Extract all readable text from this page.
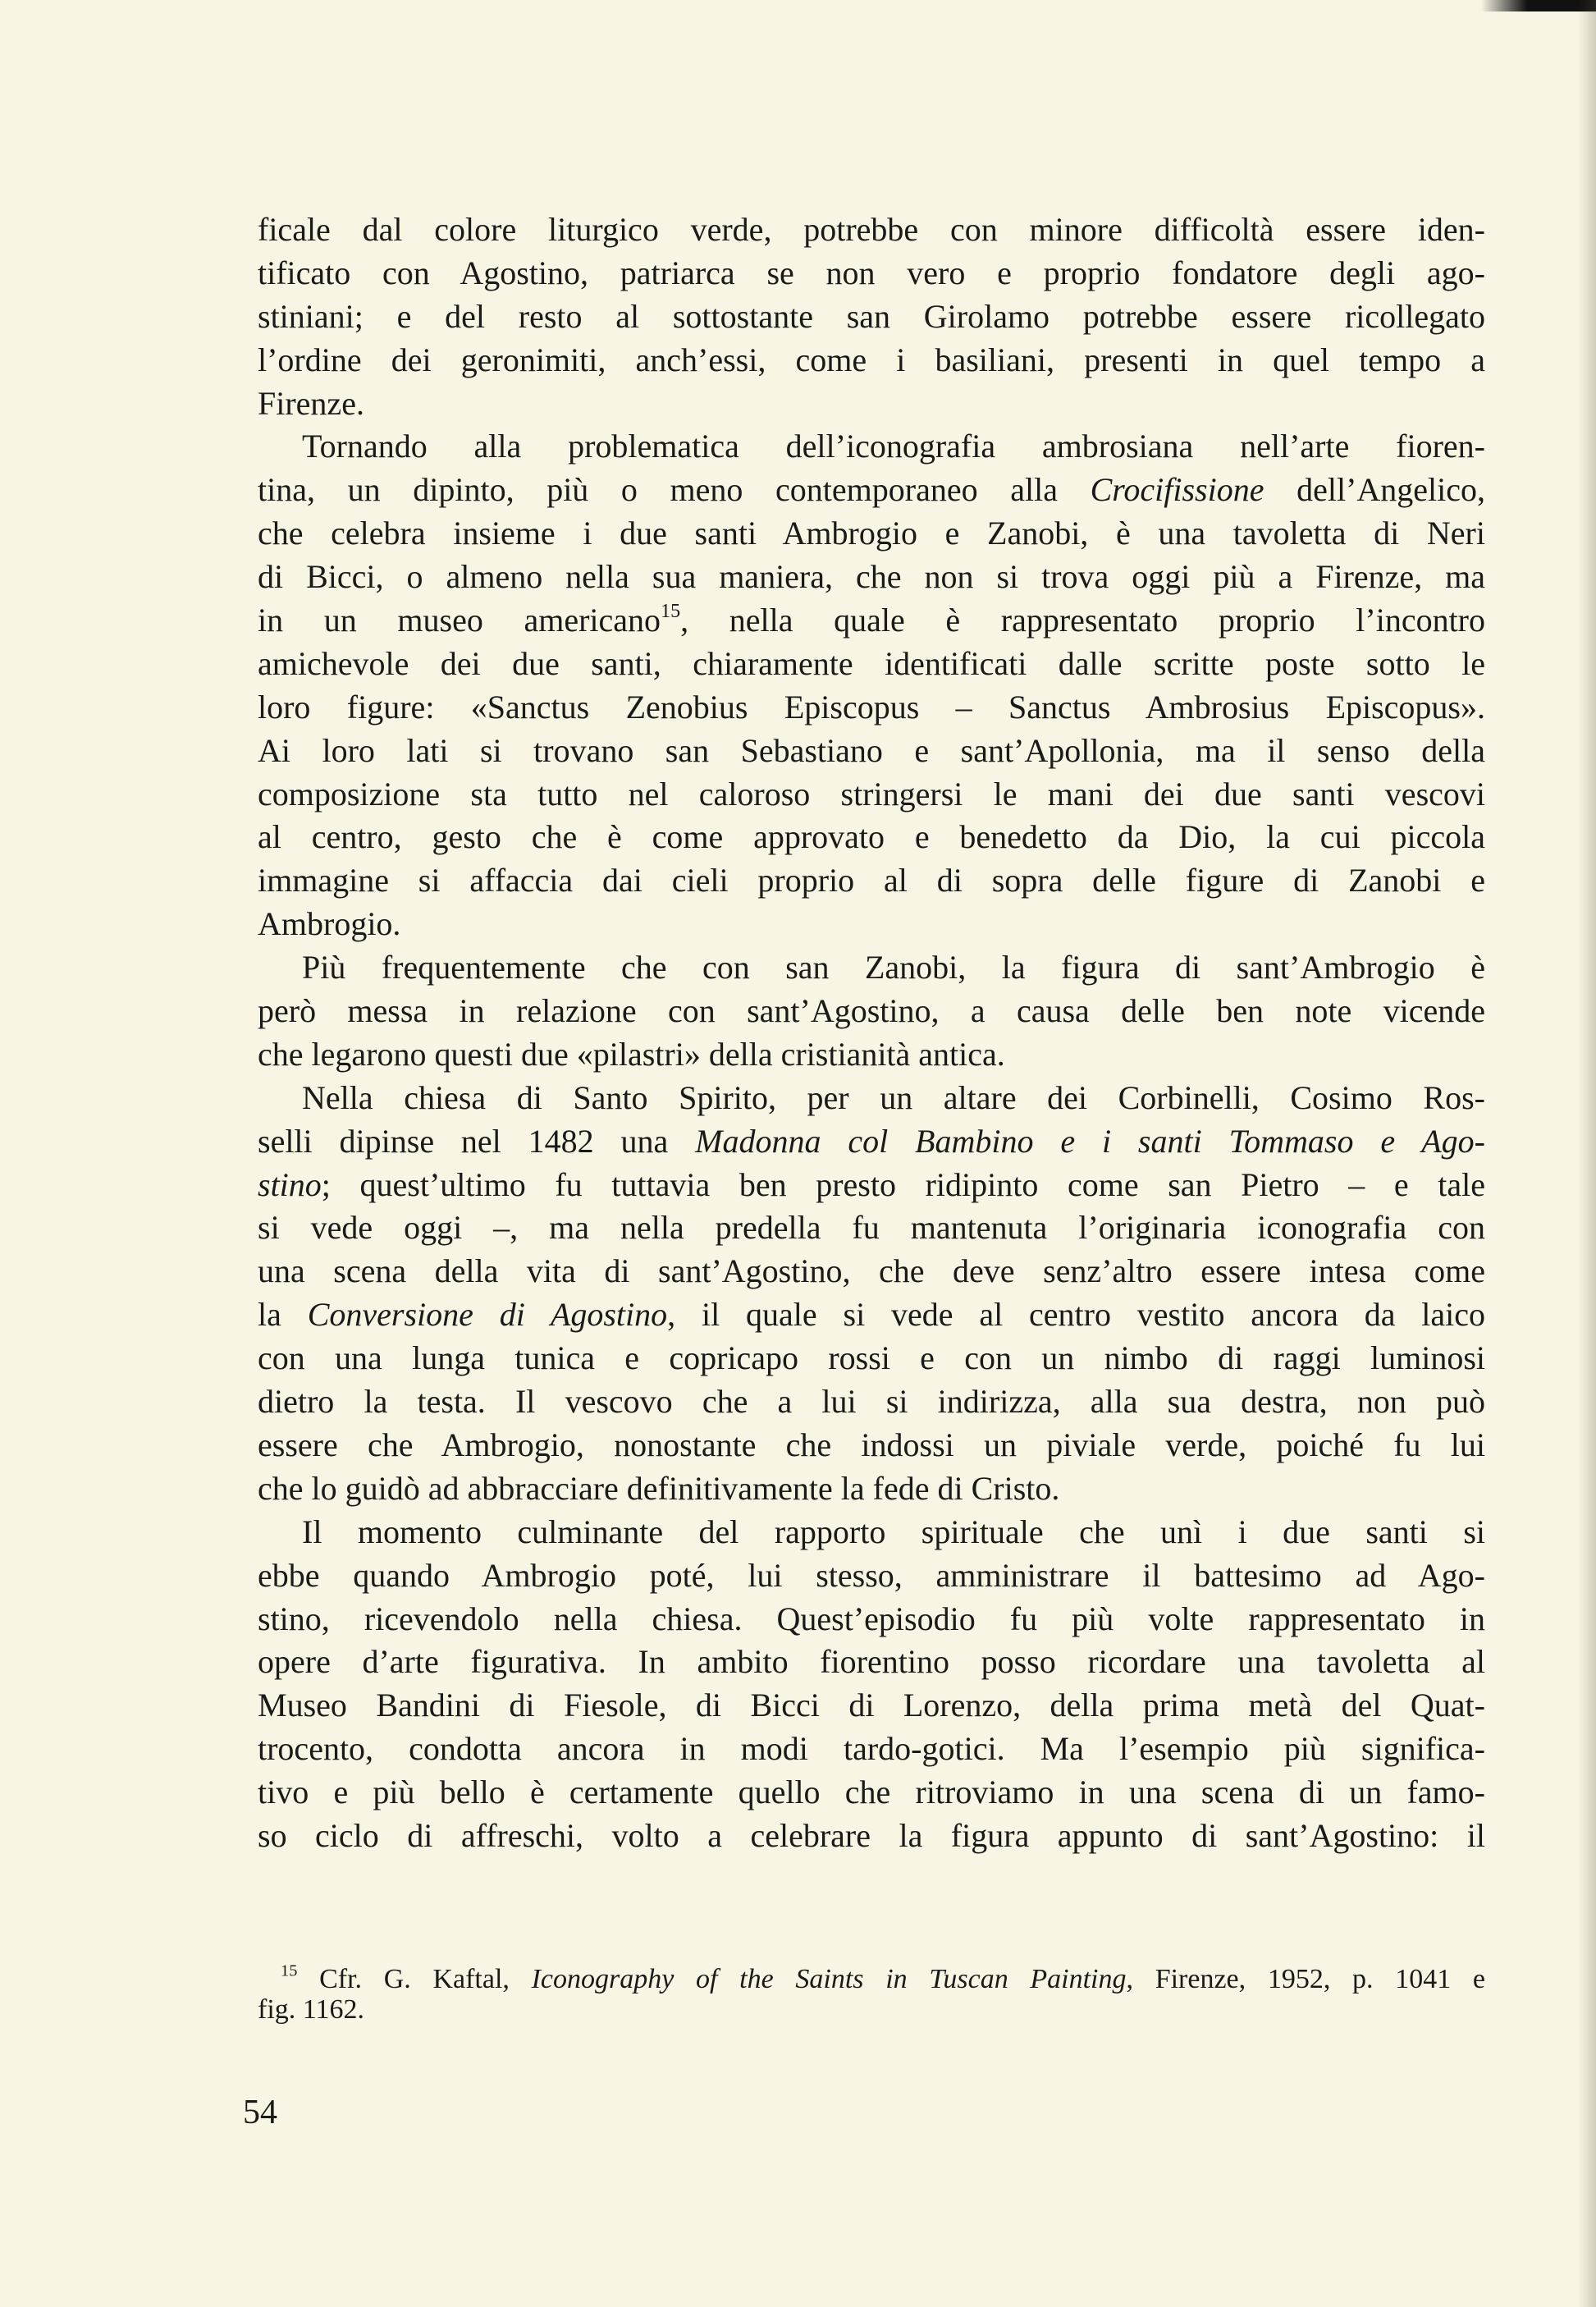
ficale dal colore liturgico verde, potrebbe con minore difficoltà essere iden-
tificato con Agostino, patriarca se non vero e proprio fondatore degli ago-
stiniani; e del resto al sottostante san Girolamo potrebbe essere ricollegato
l’ordine dei geronimiti, anch’essi, come i basiliani, presenti in quel tempo a
Firenze.
Tornando alla problematica dell’iconografia ambrosiana nell’arte fioren-
tina, un dipinto, più o meno contemporaneo alla Crocifissione dell’Angelico,
che celebra insieme i due santi Ambrogio e Zanobi, è una tavoletta di Neri
di Bicci, o almeno nella sua maniera, che non si trova oggi più a Firenze, ma
in un museo americano$^{15}$, nella quale è rappresentato proprio l’incontro
amichevole dei due santi, chiaramente identificati dalle scritte poste sotto le
loro figure: «Sanctus Zenobius Episcopus – Sanctus Ambrosius Episcopus».
Ai loro lati si trovano san Sebastiano e sant’Apollonia, ma il senso della
composizione sta tutto nel caloroso stringersi le mani dei due santi vescovi
al centro, gesto che è come approvato e benedetto da Dio, la cui piccola
immagine si affaccia dai cieli proprio al di sopra delle figure di Zanobi e
Ambrogio.
Più frequentemente che con san Zanobi, la figura di sant’Ambrogio è
però messa in relazione con sant’Agostino, a causa delle ben note vicende
che legarono questi due «pilastri» della cristianità antica.
Nella chiesa di Santo Spirito, per un altare dei Corbinelli, Cosimo Ros-
selli dipinse nel 1482 una Madonna col Bambino e i santi Tommaso e Ago-
stino; quest’ultimo fu tuttavia ben presto ridipinto come san Pietro – e tale
si vede oggi –, ma nella predella fu mantenuta l’originaria iconografia con
una scena della vita di sant’Agostino, che deve senz’altro essere intesa come
la Conversione di Agostino, il quale si vede al centro vestito ancora da laico
con una lunga tunica e copricapo rossi e con un nimbo di raggi luminosi
dietro la testa. Il vescovo che a lui si indirizza, alla sua destra, non può
essere che Ambrogio, nonostante che indossi un piviale verde, poiché fu lui
che lo guidò ad abbracciare definitivamente la fede di Cristo.
Il momento culminante del rapporto spirituale che unì i due santi si
ebbe quando Ambrogio poté, lui stesso, amministrare il battesimo ad Ago-
stino, ricevendolo nella chiesa. Quest’episodio fu più volte rappresentato in
opere d’arte figurativa. In ambito fiorentino posso ricordare una tavoletta al
Museo Bandini di Fiesole, di Bicci di Lorenzo, della prima metà del Quat-
trocento, condotta ancora in modi tardo-gotici. Ma l’esempio più significa-
tivo e più bello è certamente quello che ritroviamo in una scena di un famo-
so ciclo di affreschi, volto a celebrare la figura appunto di sant’Agostino: il
$^{15}$ Cfr. G. Kaftal, Iconography of the Saints in Tuscan Painting, Firenze, 1952, p. 1041 e
fig. 1162.
54
